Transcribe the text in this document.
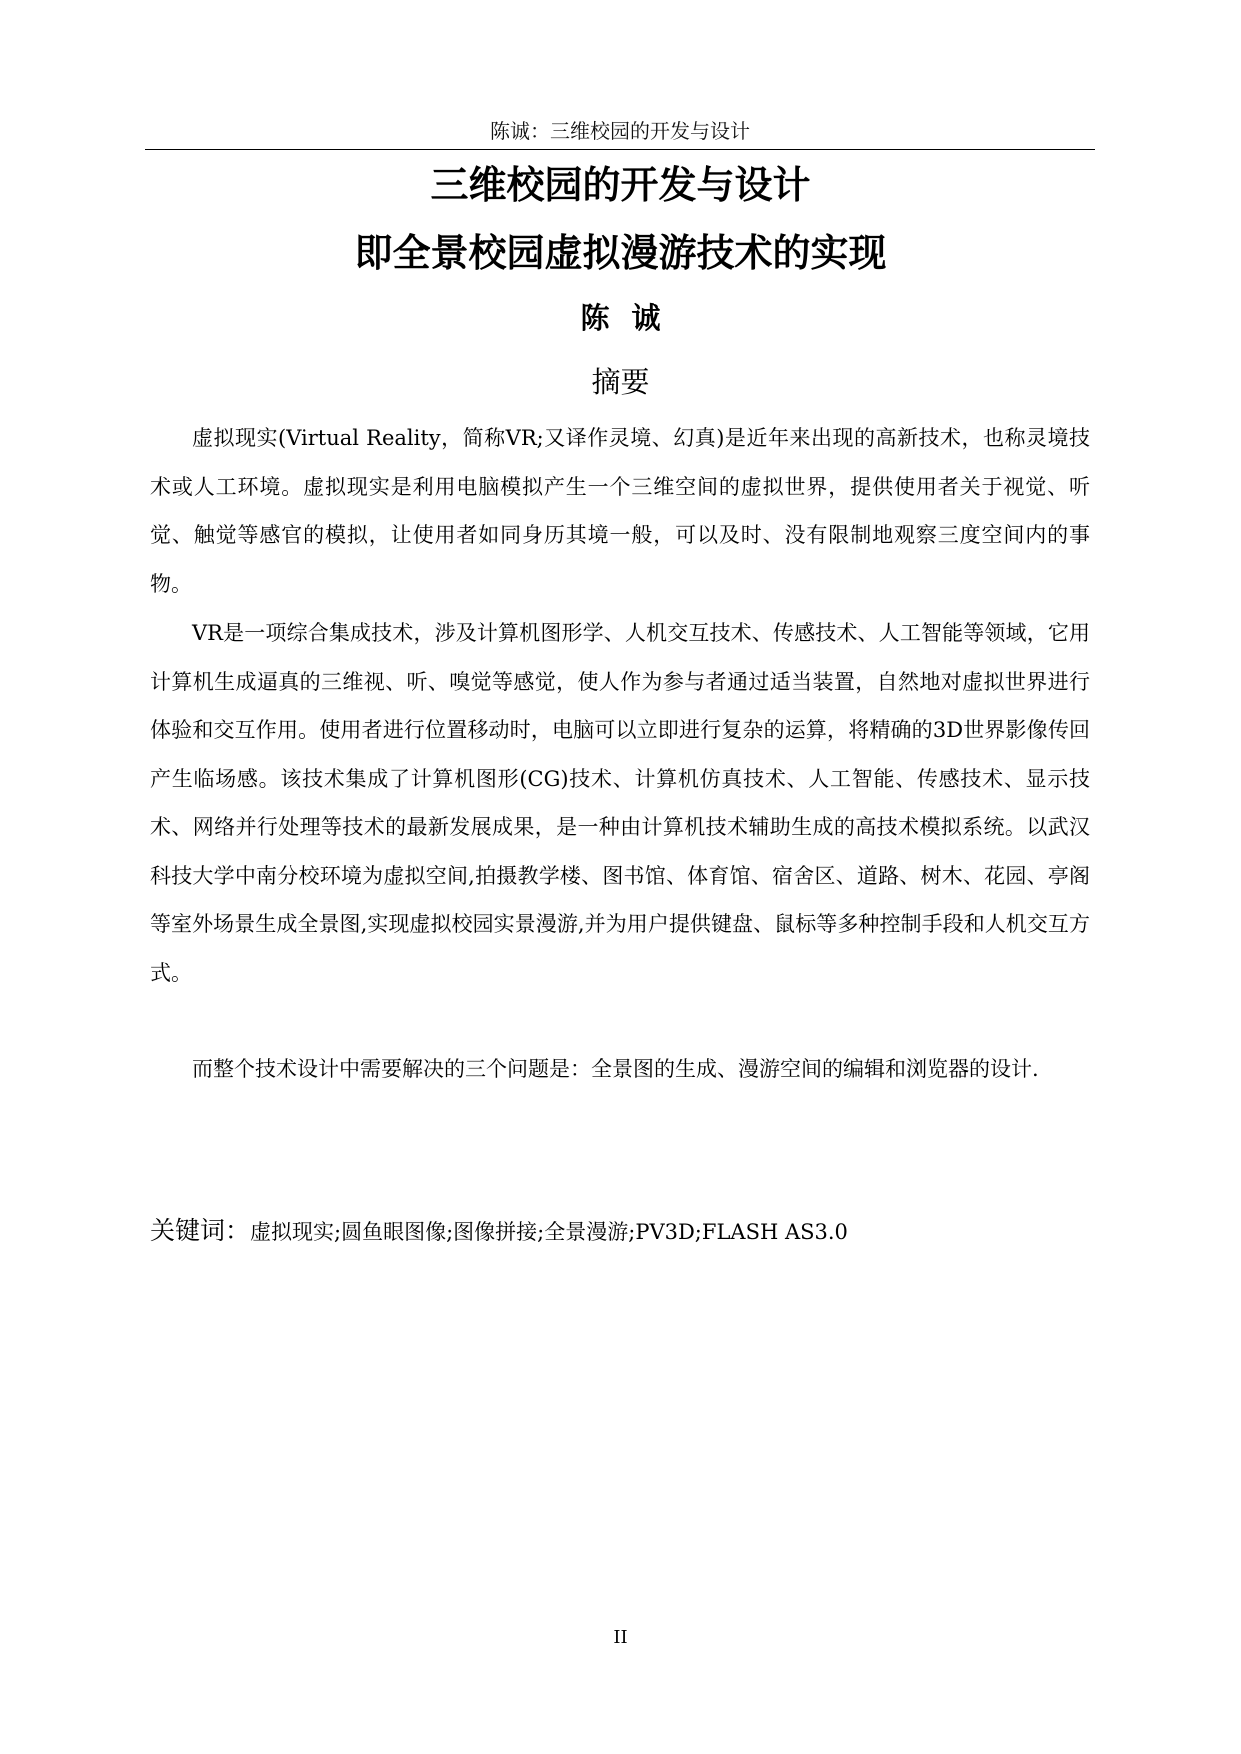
陈诚：三维校园的开发与设计
三维校园的开发与设计
即全景校园虚拟漫游技术的实现
陈诚
摘要

虚拟现实(Virtual Reality，简称VR;又译作灵境、幻真)是近年来出现的高新技术，也称灵境技术或人工环境。虚拟现实是利用电脑模拟产生一个三维空间的虚拟世界，提供使用者关于视觉、听觉、触觉等感官的模拟，让使用者如同身历其境一般，可以及时、没有限制地观察三度空间内的事物。

VR是一项综合集成技术，涉及计算机图形学、人机交互技术、传感技术、人工智能等领域，它用计算机生成逼真的三维视、听、嗅觉等感觉，使人作为参与者通过适当装置，自然地对虚拟世界进行体验和交互作用。使用者进行位置移动时，电脑可以立即进行复杂的运算，将精确的3D世界影像传回产生临场感。该技术集成了计算机图形(CG)技术、计算机仿真技术、人工智能、传感技术、显示技术、网络并行处理等技术的最新发展成果，是一种由计算机技术辅助生成的高技术模拟系统。以武汉科技大学中南分校环境为虚拟空间,拍摄教学楼、图书馆、体育馆、宿舍区、道路、树木、花园、亭阁等室外场景生成全景图,实现虚拟校园实景漫游,并为用户提供键盘、鼠标等多种控制手段和人机交互方式。

而整个技术设计中需要解决的三个问题是：全景图的生成、漫游空间的编辑和浏览器的设计.

关键词：虚拟现实;圆鱼眼图像;图像拼接;全景漫游;PV3D;FLASH AS3.0
II
